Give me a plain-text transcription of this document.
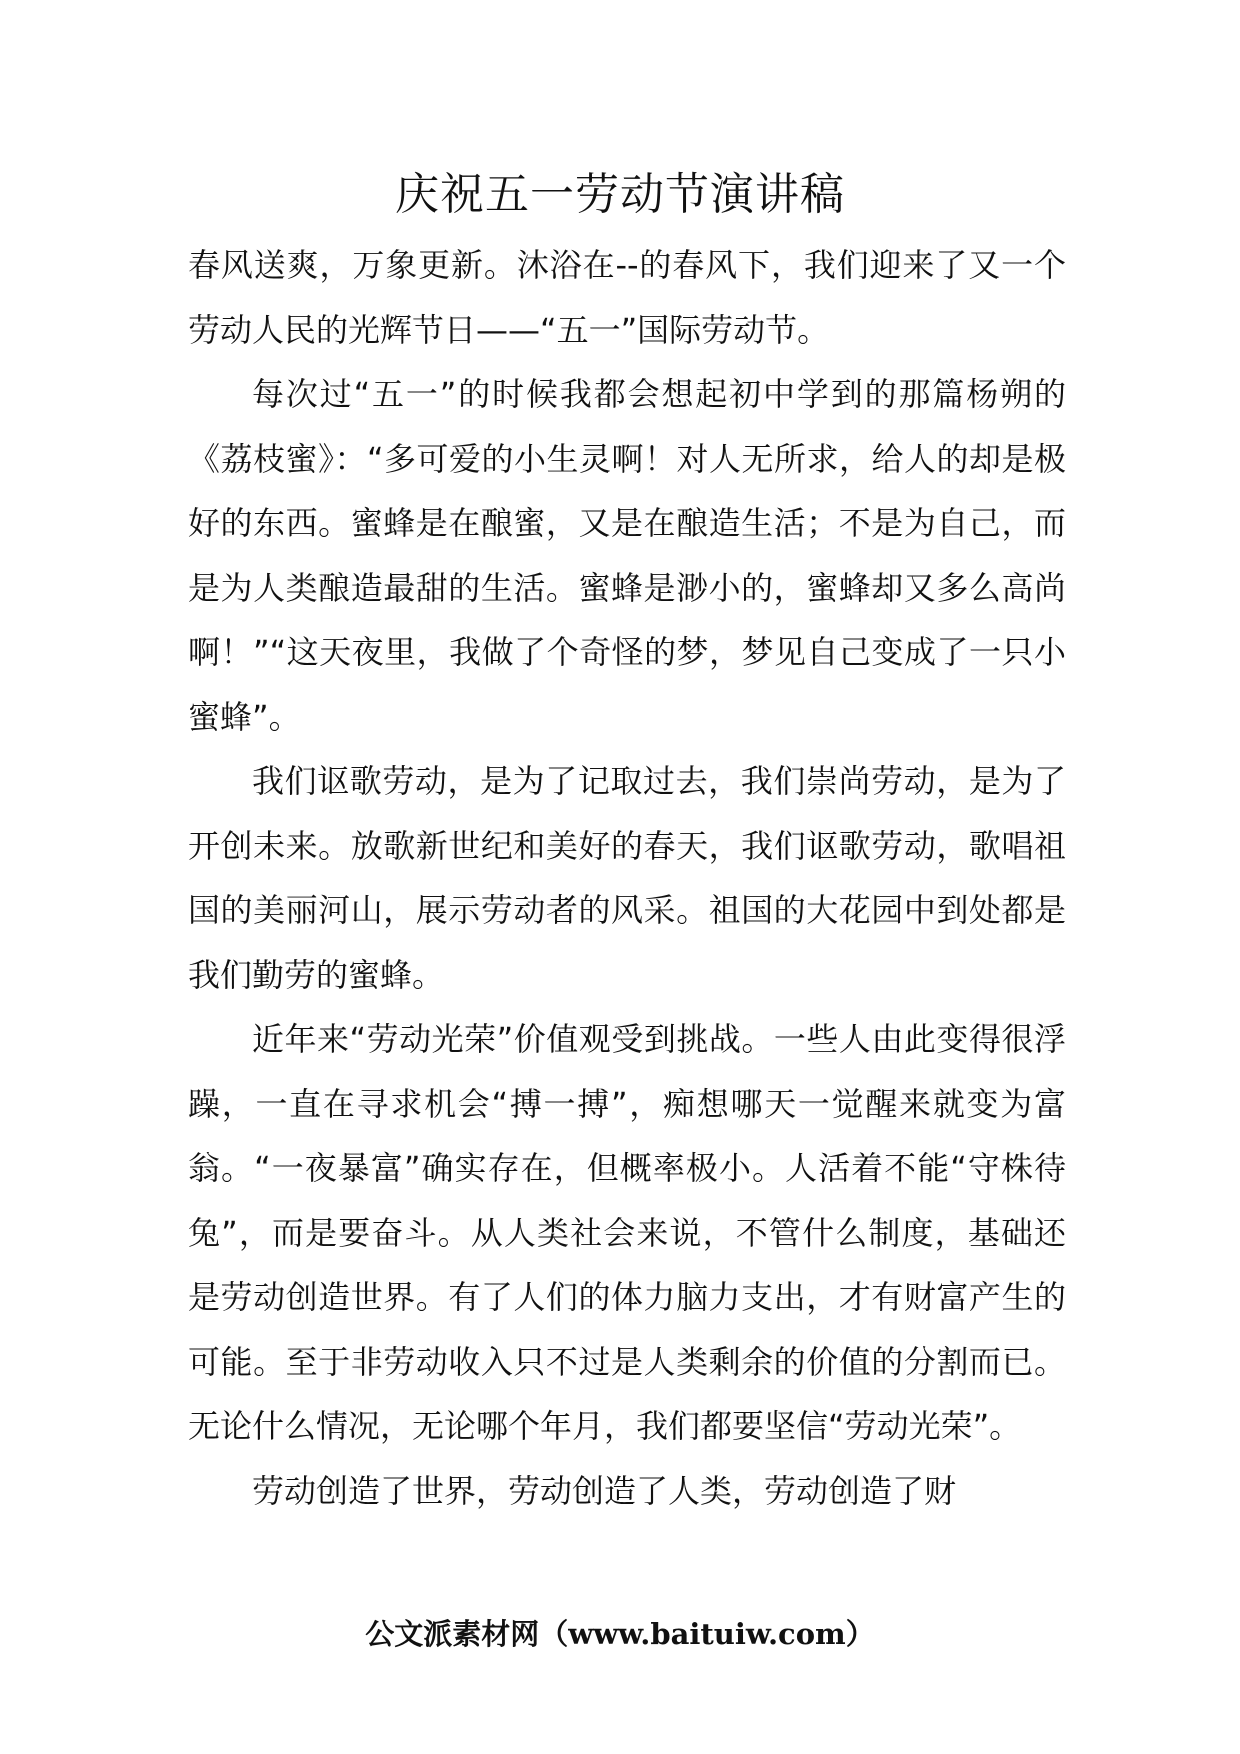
庆祝五一劳动节演讲稿

春风送爽，万象更新。沐浴在--的春风下，我们迎来了又一个劳动人民的光辉节日——“五一”国际劳动节。

每次过“五一”的时候我都会想起初中学到的那篇杨朔的《荔枝蜜》：“多可爱的小生灵啊！对人无所求，给人的却是极好的东西。蜜蜂是在酿蜜，又是在酿造生活；不是为自己，而是为人类酿造最甜的生活。蜜蜂是渺小的，蜜蜂却又多么高尚啊！”“这天夜里，我做了个奇怪的梦，梦见自己变成了一只小蜜蜂”。

我们讴歌劳动，是为了记取过去，我们崇尚劳动，是为了开创未来。放歌新世纪和美好的春天，我们讴歌劳动，歌唱祖国的美丽河山，展示劳动者的风采。祖国的大花园中到处都是我们勤劳的蜜蜂。

近年来“劳动光荣”价值观受到挑战。一些人由此变得很浮躁，一直在寻求机会“搏一搏”，痴想哪天一觉醒来就变为富翁。“一夜暴富”确实存在，但概率极小。人活着不能“守株待兔”，而是要奋斗。从人类社会来说，不管什么制度，基础还是劳动创造世界。有了人们的体力脑力支出，才有财富产生的可能。至于非劳动收入只不过是人类剩余的价值的分割而已。无论什么情况，无论哪个年月，我们都要坚信“劳动光荣”。

劳动创造了世界，劳动创造了人类，劳动创造了财

公文派素材网（www.baituiw.com）
